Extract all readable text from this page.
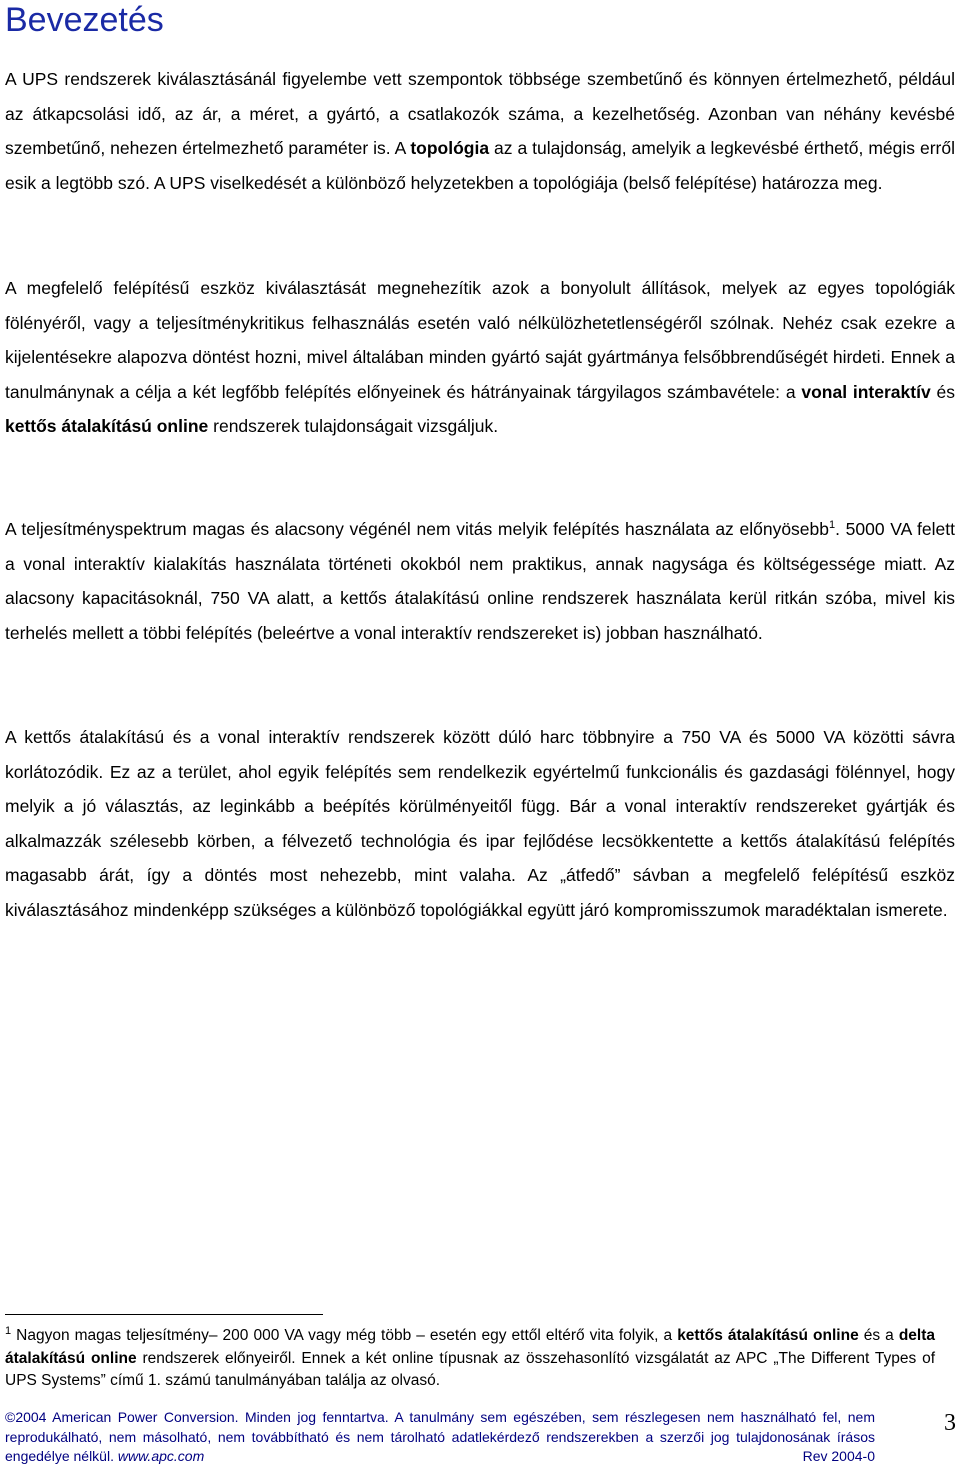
Bevezetés

A UPS rendszerek kiválasztásánál figyelembe vett szempontok többsége szembetűnő és könnyen értelmezhető, például az átkapcsolási idő, az ár, a méret, a gyártó, a csatlakozók száma, a kezelhetőség. Azonban van néhány kevésbé szembetűnő, nehezen értelmezhető paraméter is. A topológia az a tulajdonság, amelyik a legkevésbé érthető, mégis erről esik a legtöbb szó. A UPS viselkedését a különböző helyzetekben a topológiája (belső felépítése) határozza meg.

A megfelelő felépítésű eszköz kiválasztását megnehezítik azok a bonyolult állítások, melyek az egyes topológiák fölényéről, vagy a teljesítménykritikus felhasználás esetén való nélkülözhetetlenségéről szólnak. Nehéz csak ezekre a kijelentésekre alapozva döntést hozni, mivel általában minden gyártó saját gyártmánya felsőbbrendűségét hirdeti. Ennek a tanulmánynak a célja a két legfőbb felépítés előnyeinek és hátrányainak tárgyilagos számbavétele: a vonal interaktív és kettős átalakítású online rendszerek tulajdonságait vizsgáljuk.

A teljesítményspektrum magas és alacsony végénél nem vitás melyik felépítés használata az előnyösebb$^1$. 5000 VA felett a vonal interaktív kialakítás használata történeti okokból nem praktikus, annak nagysága és költségessége miatt. Az alacsony kapacitásoknál, 750 VA alatt, a kettős átalakítású online rendszerek használata kerül ritkán szóba, mivel kis terhelés mellett a többi felépítés (beleértve a vonal interaktív rendszereket is) jobban használható.

A kettős átalakítású és a vonal interaktív rendszerek között dúló harc többnyire a 750 VA és 5000 VA közötti sávra korlátozódik. Ez az a terület, ahol egyik felépítés sem rendelkezik egyértelmű funkcionális és gazdasági fölénnyel, hogy melyik a jó választás, az leginkább a beépítés körülményeitől függ. Bár a vonal interaktív rendszereket gyártják és alkalmazzák szélesebb körben, a félvezető technológia és ipar fejlődése lecsökkentette a kettős átalakítású felépítés magasabb árát, így a döntés most nehezebb, mint valaha. Az „átfedő” sávban a megfelelő felépítésű eszköz kiválasztásához mindenképp szükséges a különböző topológiákkal együtt járó kompromisszumok maradéktalan ismerete.

$^1$ Nagyon magas teljesítmény– 200 000 VA vagy még több – esetén egy ettől eltérő vita folyik, a kettős átalakítású online és a delta átalakítású online rendszerek előnyeiről. Ennek a két online típusnak az összehasonlító vizsgálatát az APC „The Different Types of UPS Systems” című 1. számú tanulmányában találja az olvasó.

©2004 American Power Conversion. Minden jog fenntartva. A tanulmány sem egészében, sem részlegesen nem használható fel, nem reprodukálható, nem másolható, nem továbbítható és nem tárolható adatlekérdező rendszerekben a szerzői jog tulajdonosának írásos engedélye nélkül. www.apc.com	Rev 2004-0

3
